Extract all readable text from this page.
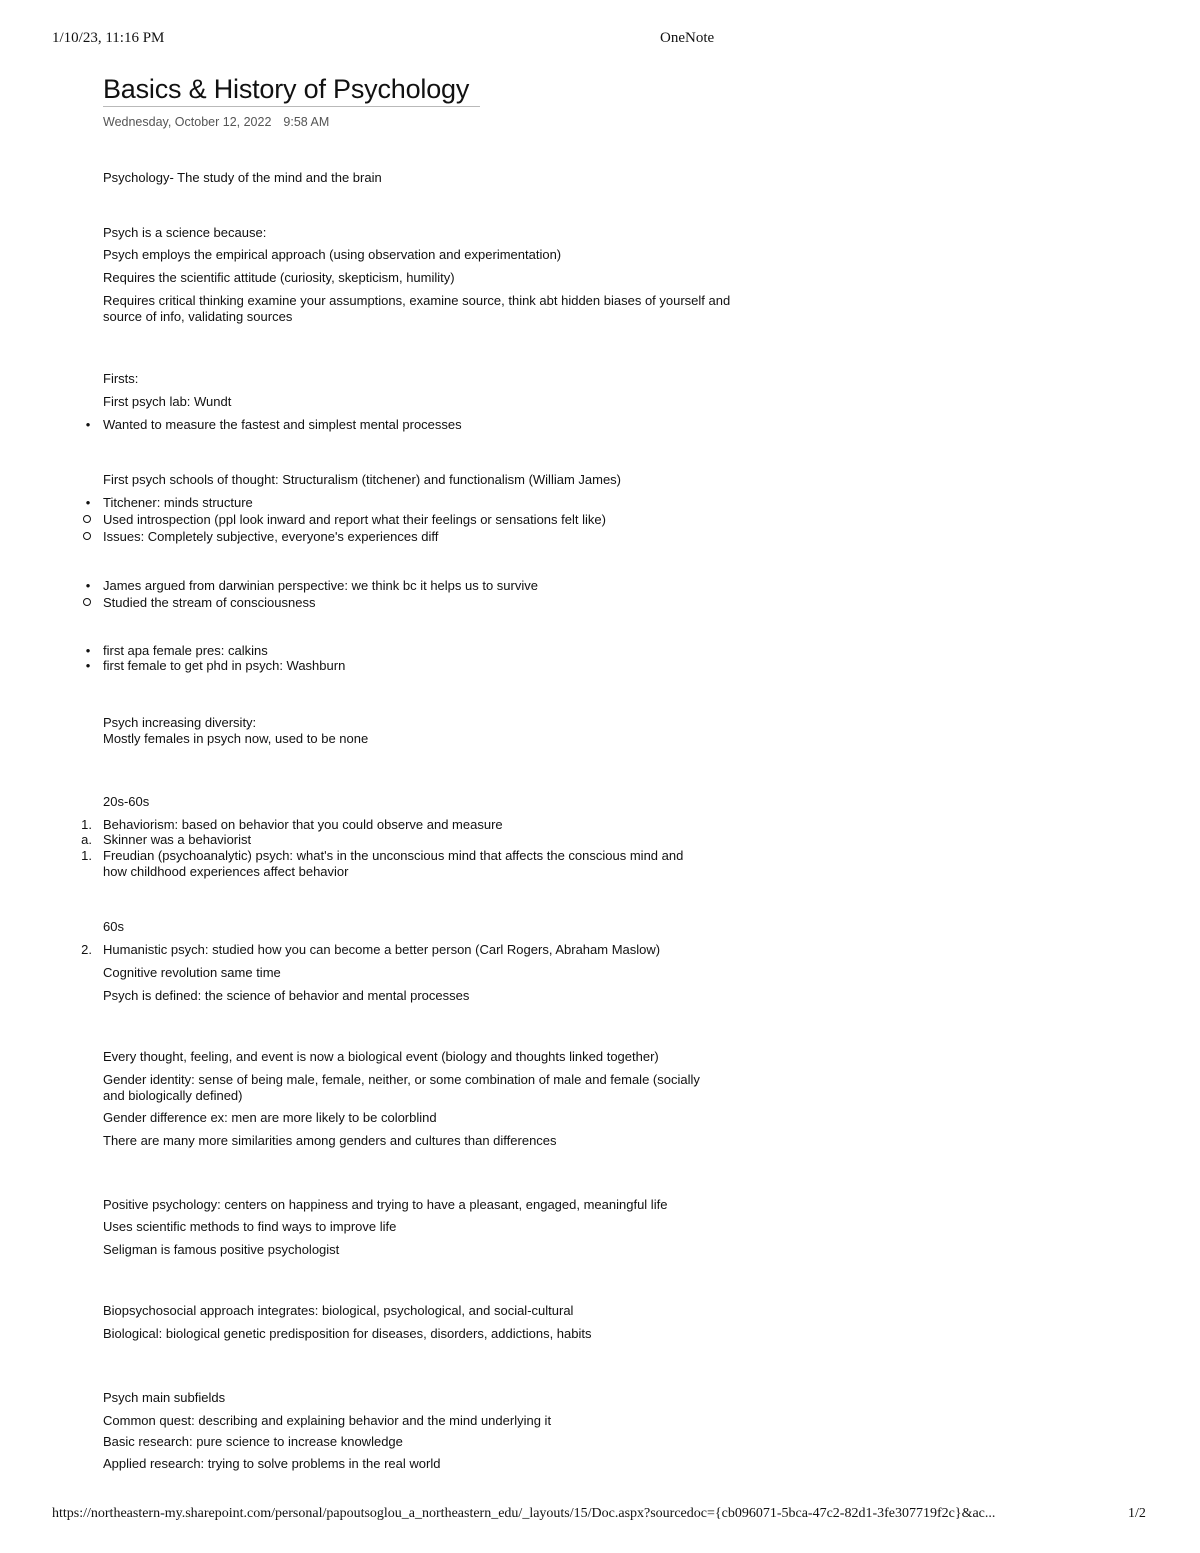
1/10/23, 11:16 PM	OneNote
Basics & History of Psychology
Wednesday, October 12, 2022 9:58 AM
Psychology- The study of the mind and the brain
Psych is a science because:
Psych employs the empirical approach (using observation and experimentation)
Requires the scientific attitude (curiosity, skepticism, humility)
Requires critical thinking examine your assumptions, examine source, think abt hidden biases of yourself and source of info, validating sources
Firsts:
First psych lab: Wundt
• Wanted to measure the fastest and simplest mental processes
First psych schools of thought: Structuralism (titchener) and functionalism (William James)
• Titchener: minds structure
Used introspection (ppl look inward and report what their feelings or sensations felt like)
Issues: Completely subjective, everyone's experiences diff
• James argued from darwinian perspective: we think bc it helps us to survive
Studied the stream of consciousness
• first apa female pres: calkins
• first female to get phd in psych: Washburn
Psych increasing diversity:
Mostly females in psych now, used to be none
20s-60s
1. Behaviorism: based on behavior that you could observe and measure
a. Skinner was a behaviorist
1. Freudian (psychoanalytic) psych: what's in the unconscious mind that affects the conscious mind and how childhood experiences affect behavior
60s
2. Humanistic psych: studied how you can become a better person (Carl Rogers, Abraham Maslow)
Cognitive revolution same time
Psych is defined: the science of behavior and mental processes
Every thought, feeling, and event is now a biological event (biology and thoughts linked together)
Gender identity: sense of being male, female, neither, or some combination of male and female (socially and biologically defined)
Gender difference ex: men are more likely to be colorblind
There are many more similarities among genders and cultures than differences
Positive psychology: centers on happiness and trying to have a pleasant, engaged, meaningful life
Uses scientific methods to find ways to improve life
Seligman is famous positive psychologist
Biopsychosocial approach integrates: biological, psychological, and social-cultural
Biological: biological genetic predisposition for diseases, disorders, addictions, habits
Psych main subfields
Common quest: describing and explaining behavior and the mind underlying it
Basic research: pure science to increase knowledge
Applied research: trying to solve problems in the real world
https://northeastern-my.sharepoint.com/personal/papoutsoglou_a_northeastern_edu/_layouts/15/Doc.aspx?sourcedoc={cb096071-5bca-47c2-82d1-3fe307719f2c}&ac...	1/2
